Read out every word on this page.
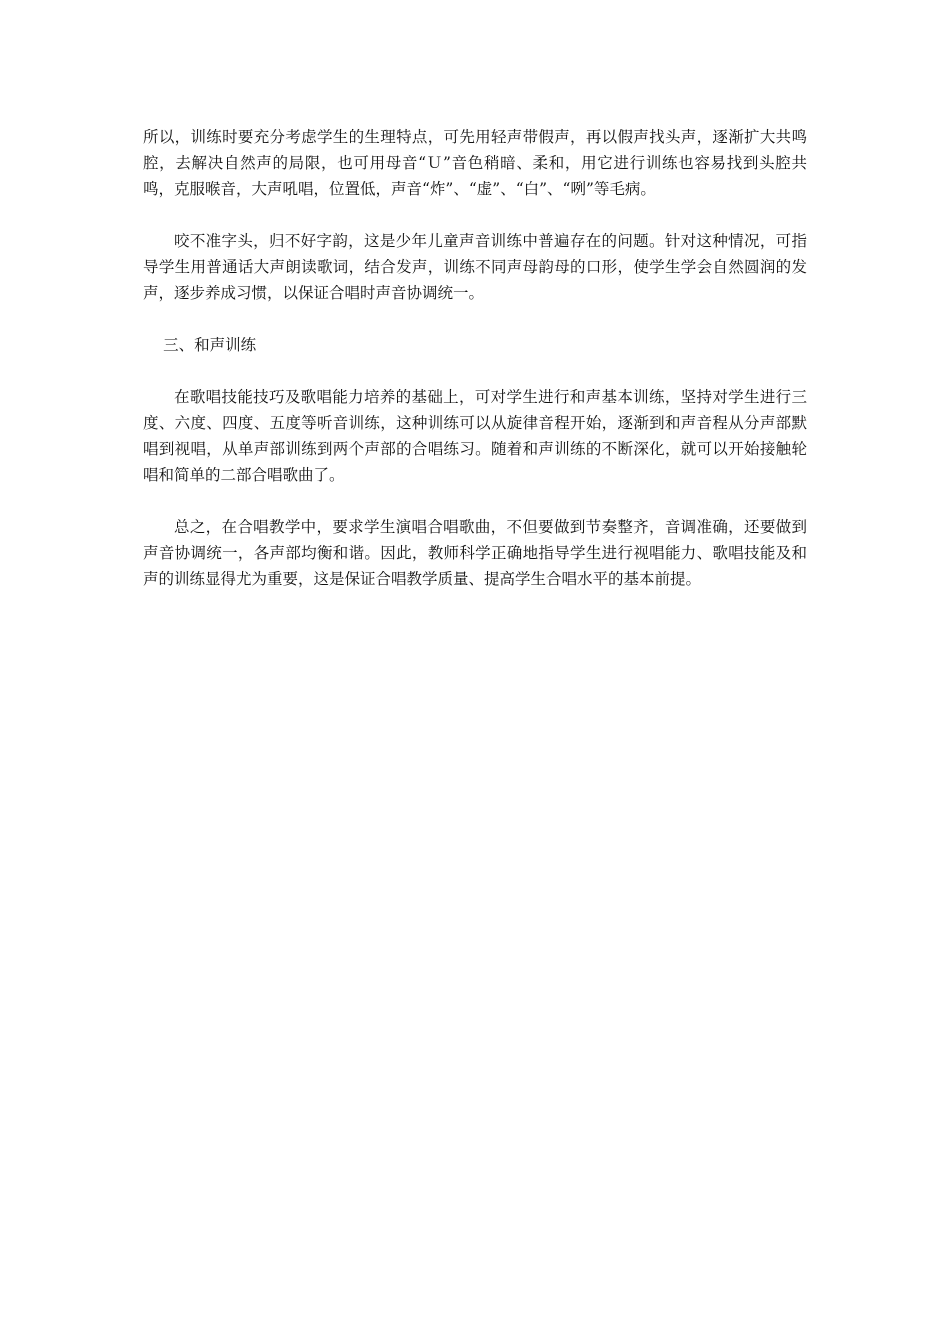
所以，训练时要充分考虑学生的生理特点，可先用轻声带假声，再以假声找头声，逐渐扩大共鸣腔，去解决自然声的局限，也可用母音“Ｕ”音色稍暗、柔和，用它进行训练也容易找到头腔共鸣，克服喉音，大声吼唱，位置低，声音“炸”、“虚”、“白”、“咧”等毛病。

咬不准字头，归不好字韵，这是少年儿童声音训练中普遍存在的问题。针对这种情况，可指导学生用普通话大声朗读歌词，结合发声，训练不同声母韵母的口形，使学生学会自然圆润的发声，逐步养成习惯，以保证合唱时声音协调统一。

三、和声训练

在歌唱技能技巧及歌唱能力培养的基础上，可对学生进行和声基本训练，坚持对学生进行三度、六度、四度、五度等听音训练，这种训练可以从旋律音程开始，逐渐到和声音程从分声部默唱到视唱，从单声部训练到两个声部的合唱练习。随着和声训练的不断深化，就可以开始接触轮唱和简单的二部合唱歌曲了。

总之，在合唱教学中，要求学生演唱合唱歌曲，不但要做到节奏整齐，音调准确，还要做到声音协调统一，各声部均衡和谐。因此，教师科学正确地指导学生进行视唱能力、歌唱技能及和声的训练显得尤为重要，这是保证合唱教学质量、提高学生合唱水平的基本前提。
